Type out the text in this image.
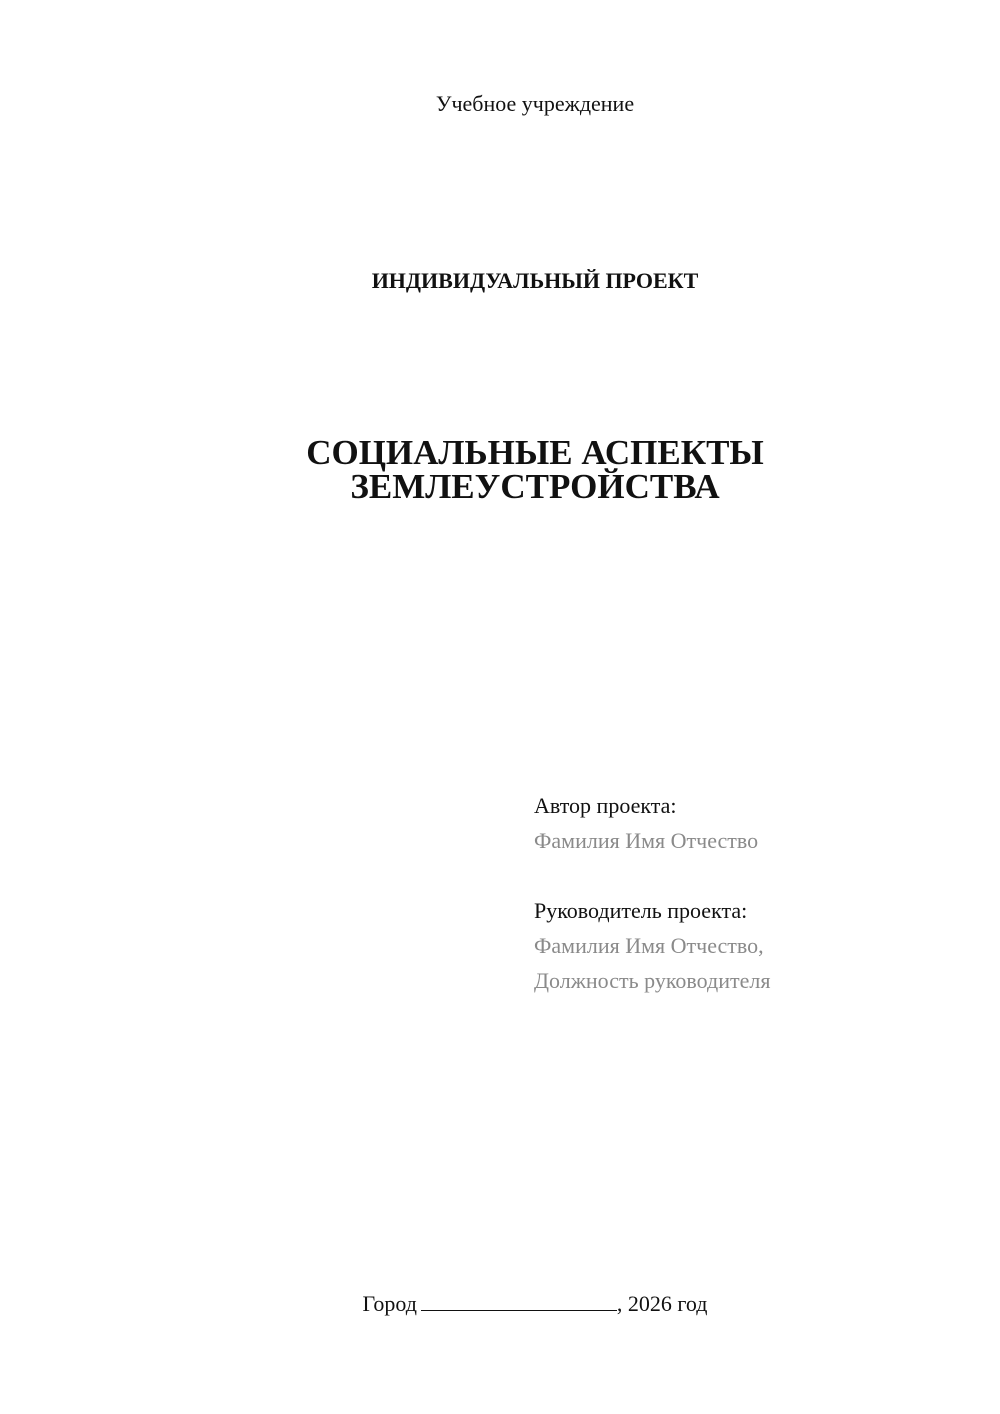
Учебное учреждение
ИНДИВИДУАЛЬНЫЙ ПРОЕКТ
СОЦИАЛЬНЫЕ АСПЕКТЫ
ЗЕМЛЕУСТРОЙСТВА
Автор проекта:
Фамилия Имя Отчество
Руководитель проекта:
Фамилия Имя Отчество,
Должность руководителя
Город	, 2026 год
